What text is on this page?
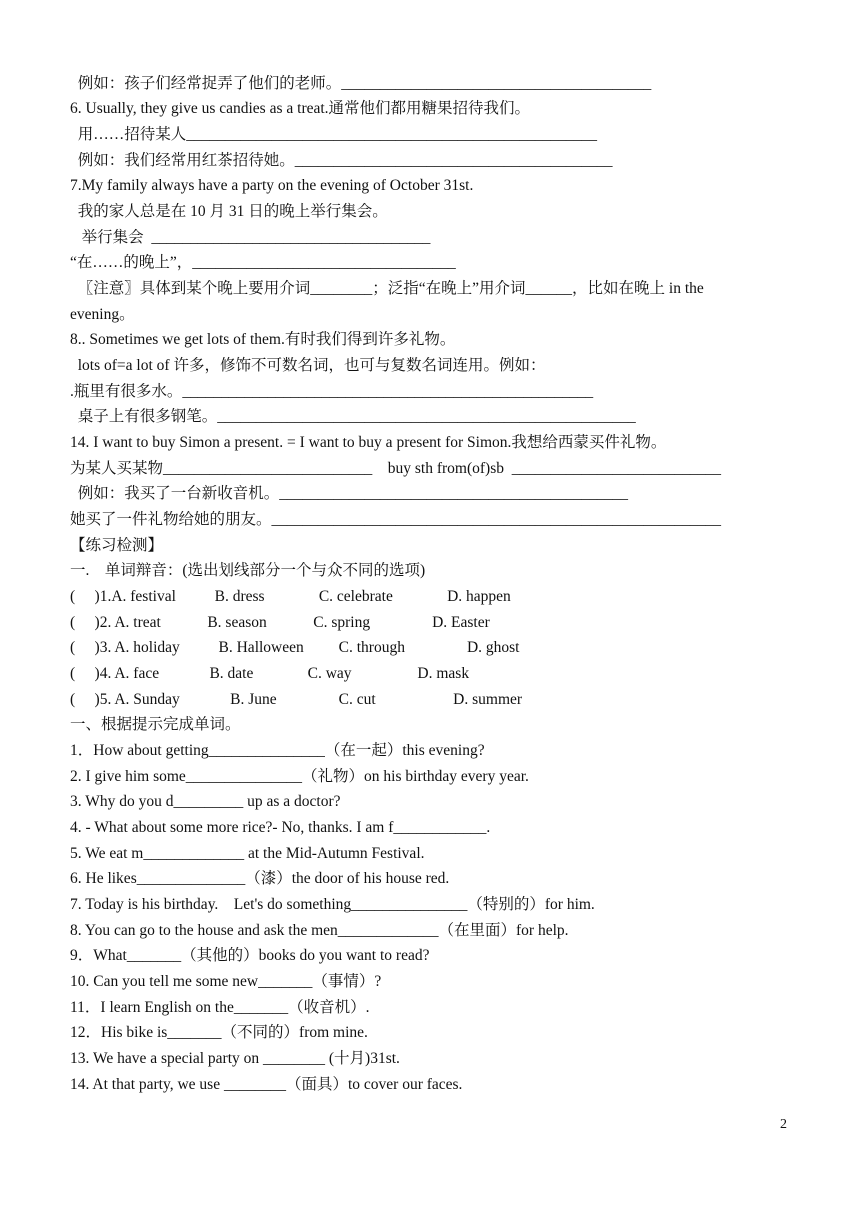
例如：孩子们经常捉弄了他们的老师。________________________________________
6. Usually, they give us candies as a treat.通常他们都用糖果招待我们。
用……招待某人_____________________________________________________
例如：我们经常用红茶招待她。_________________________________________
7.My family always have a party on the evening of October 31st.
我的家人总是在 10 月 31 日的晚上举行集会。
举行集会  ____________________________________
“在……的晚上”，__________________________________
〖注意〗具体到某个晚上要用介词________；泛指“在晚上”用介词______，比如在晚上 in the
evening。
8.. Sometimes we get lots of them.有时我们得到许多礼物。
lots of=a lot of 许多，修饰不可数名词，也可与复数名词连用。例如：
.瓶里有很多水。_____________________________________________________
桌子上有很多钢笔。______________________________________________________
14. I want to buy Simon a present. = I want to buy a present for Simon.我想给西蒙买件礼物。
为某人买某物___________________________    buy sth from(of)sb  ___________________________
例如：我买了一台新收音机。_____________________________________________
她买了一件礼物给她的朋友。__________________________________________________________
【练习检测】
一.    单词辩音：(选出划线部分一个与众不同的选项)
(     )1.A. festival          B. dress              C. celebrate              D. happen
(     )2. A. treat            B. season            C. spring                D. Easter
(     )3. A. holiday          B. Halloween         C. through                D. ghost
(     )4. A. face             B. date              C. way                 D. mask
(     )5. A. Sunday             B. June                C. cut                    D. summer
一、根据提示完成单词。
1．How about getting_______________（在一起）this evening?
2. I give him some_______________（礼物）on his birthday every year.
3. Why do you d_________ up as a doctor?
4. - What about some more rice?- No, thanks. I am f____________.
5. We eat m_____________ at the Mid-Autumn Festival.
6. He likes______________（漆）the door of his house red.
7. Today is his birthday.    Let's do something_______________（特别的）for him.
8. You can go to the house and ask the men_____________（在里面）for help.
9．What_______（其他的）books do you want to read?
10. Can you tell me some new_______（事情）?
11．I learn English on the_______（收音机）.
12．His bike is_______（不同的）from mine.
13. We have a special party on ________ (十月)31st.
14. At that party, we use ________（面具）to cover our faces.
2
